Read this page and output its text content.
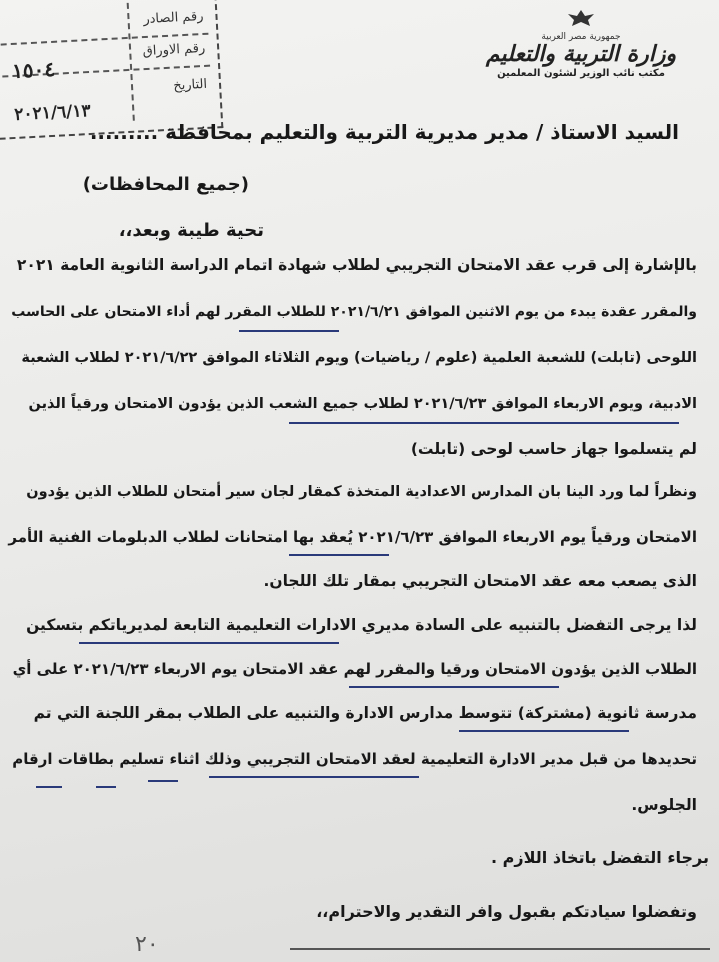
رقم الصادر
رقم الاوراق
التاريخ
١٥٠٤
٢٠٢١/٦/١٣
جمهورية مصر العربية
وزارة التربية والتعليم
مكتب نائب الوزير لشئون المعلمين
السيد الاستاذ / مدير مديرية التربية والتعليم بمحافظة .........
(جميع المحافظات)
تحية طيبة وبعد،،
بالإشارة إلى قرب عقد الامتحان التجريبي لطلاب شهادة اتمام الدراسة الثانوية العامة ٢٠٢١
والمقرر عقدة يبدء من يوم الاثنين الموافق ٢٠٢١/٦/٢١ للطلاب المقرر لهم أداء الامتحان على الحاسب
اللوحى (تابلت) للشعبة العلمية (علوم / رياضيات) ويوم الثلاثاء الموافق ٢٠٢١/٦/٢٢ لطلاب الشعبة
الادبية، ويوم الاربعاء الموافق ٢٠٢١/٦/٢٣ لطلاب جميع الشعب الذين يؤدون الامتحان ورقياً الذين
لم يتسلموا جهاز حاسب لوحى (تابلت)
ونظراً لما ورد الينا بان المدارس الاعدادية المتخذة كمقار لجان سير أمتحان للطلاب الذين يؤدون
الامتحان ورقياً يوم الاربعاء الموافق ٢٠٢١/٦/٢٣ يُعقد بها امتحانات لطلاب الدبلومات الفنية الأمر
الذى يصعب معه عقد الامتحان التجريبي بمقار تلك اللجان.
لذا يرجى التفضل بالتنبيه على السادة مديري الادارات التعليمية التابعة لمديرياتكم بتسكين
الطلاب الذين يؤدون الامتحان ورقيا والمقرر لهم عقد الامتحان يوم الاربعاء ٢٠٢١/٦/٢٣ على أي
مدرسة ثانوية (مشتركة) تتوسط مدارس الادارة والتنبيه على الطلاب بمقر اللجنة التي تم
تحديدها من قبل مدير الادارة التعليمية لعقد الامتحان التجريبي وذلك اثناء تسليم بطاقات ارقام
الجلوس.
برجاء التفضل باتخاذ اللازم .
وتفضلوا سيادتكم بقبول وافر التقدير والاحترام،،
٢٠
